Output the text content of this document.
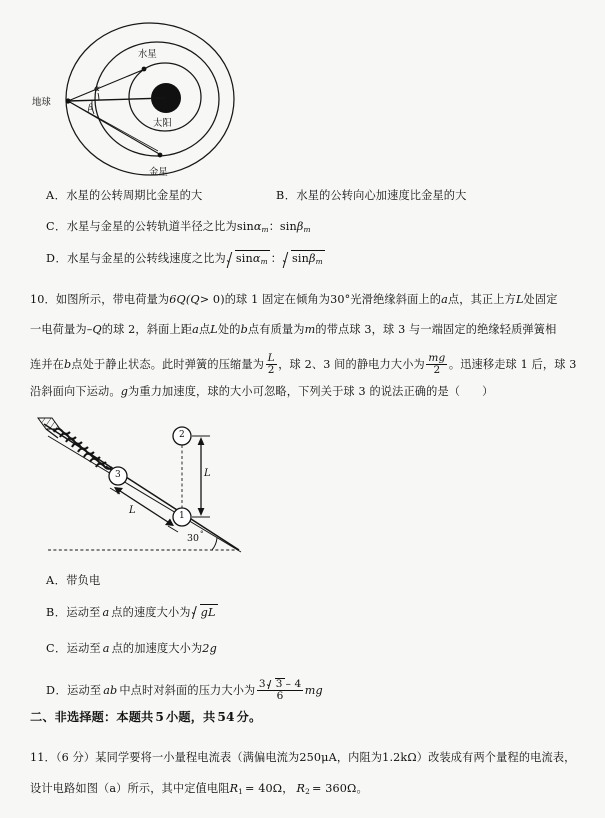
地球
水星
太阳
金星
α
β
A．水星的公转周期比金星的大	B．水星的公转向心加速度比金星的大
C．水星与金星的公转轨道半径之比为sinα$_m$：sinβ$_m$
D．水星与金星的公转线速度之比为 sinα$_m$ ： sinβ$_m$
10．如图所示，带电荷量为6Q(Q> 0)的球 1 固定在倾角为30°光滑绝缘斜面上的a点，其正上方L处固定
一电荷量为–Q的球 2，斜面上距a点L处的b点有质量为m的带点球 3，球 3 与一端固定的绝缘轻质弹簧相
连并在b点处于静止状态。此时弹簧的压缩量为 $\frac{L}{2}$ ，球 2、3 间的静电力大小为 $\frac{mg}{2}$ 。迅速移走球 1 后，球 3
沿斜面向下运动。g为重力加速度，球的大小可忽略，下列关于球 3 的说法正确的是（ ）
3
1
2
L
L
30 °
A．带负电
B．运动至 a 点的速度大小为 gL
C．运动至 a 点的加速度大小为2g
D．运动至 ab 中点时对斜面的压力大小为 $\frac{3 3 - 4}{6}$ mg
二、非选择题：本题共 5 小题，共 54 分。
11．（6 分）某同学要将一小量程电流表（满偏电流为250μA，内阻为1.2kΩ）改装成有两个量程的电流表，
设计电路如图（a）所示，其中定值电阻$R_1 = 40\Omega$， $R_2 = 360\Omega$。
